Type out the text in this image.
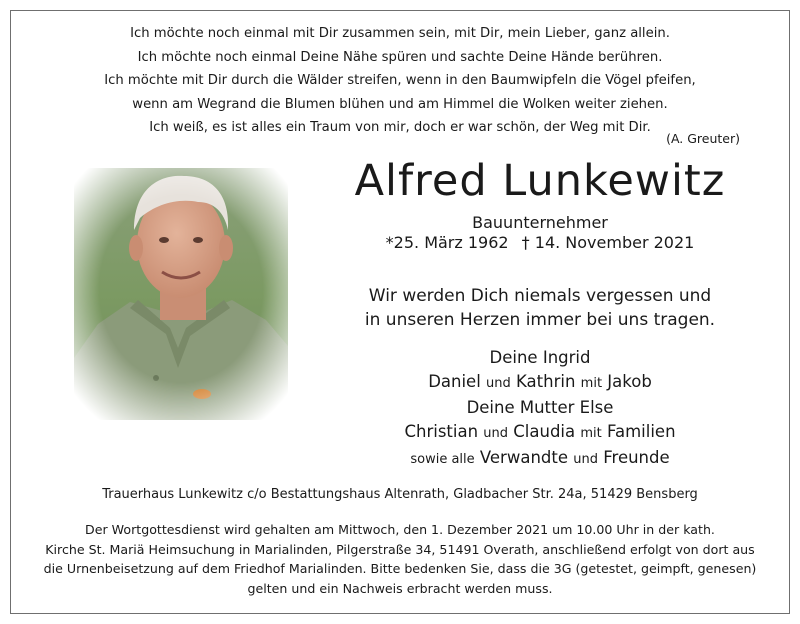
Ich möchte noch einmal mit Dir zusammen sein, mit Dir, mein Lieber, ganz allein.
Ich möchte noch einmal Deine Nähe spüren und sachte Deine Hände berühren.
Ich möchte mit Dir durch die Wälder streifen, wenn in den Baumwipfeln die Vögel pfeifen,
wenn am Wegrand die Blumen blühen und am Himmel die Wolken weiter ziehen.
Ich weiß, es ist alles ein Traum von mir, doch er war schön, der Weg mit Dir.
(A. Greuter)
Alfred Lunkewitz
Bauunternehmer
*25. März 1962 † 14. November 2021
Wir werden Dich niemals vergessen und
in unseren Herzen immer bei uns tragen.
Deine Ingrid
Daniel und Kathrin mit Jakob
Deine Mutter Else
Christian und Claudia mit Familien
sowie alle Verwandte und Freunde
Trauerhaus Lunkewitz c/o Bestattungshaus Altenrath, Gladbacher Str. 24a, 51429 Bensberg
Der Wortgottesdienst wird gehalten am Mittwoch, den 1. Dezember 2021 um 10.00 Uhr in der kath.
Kirche St. Mariä Heimsuchung in Marialinden, Pilgerstraße 34, 51491 Overath, anschließend erfolgt von dort aus
die Urnenbeisetzung auf dem Friedhof Marialinden. Bitte bedenken Sie, dass die 3G (getestet, geimpft, genesen)
gelten und ein Nachweis erbracht werden muss.
